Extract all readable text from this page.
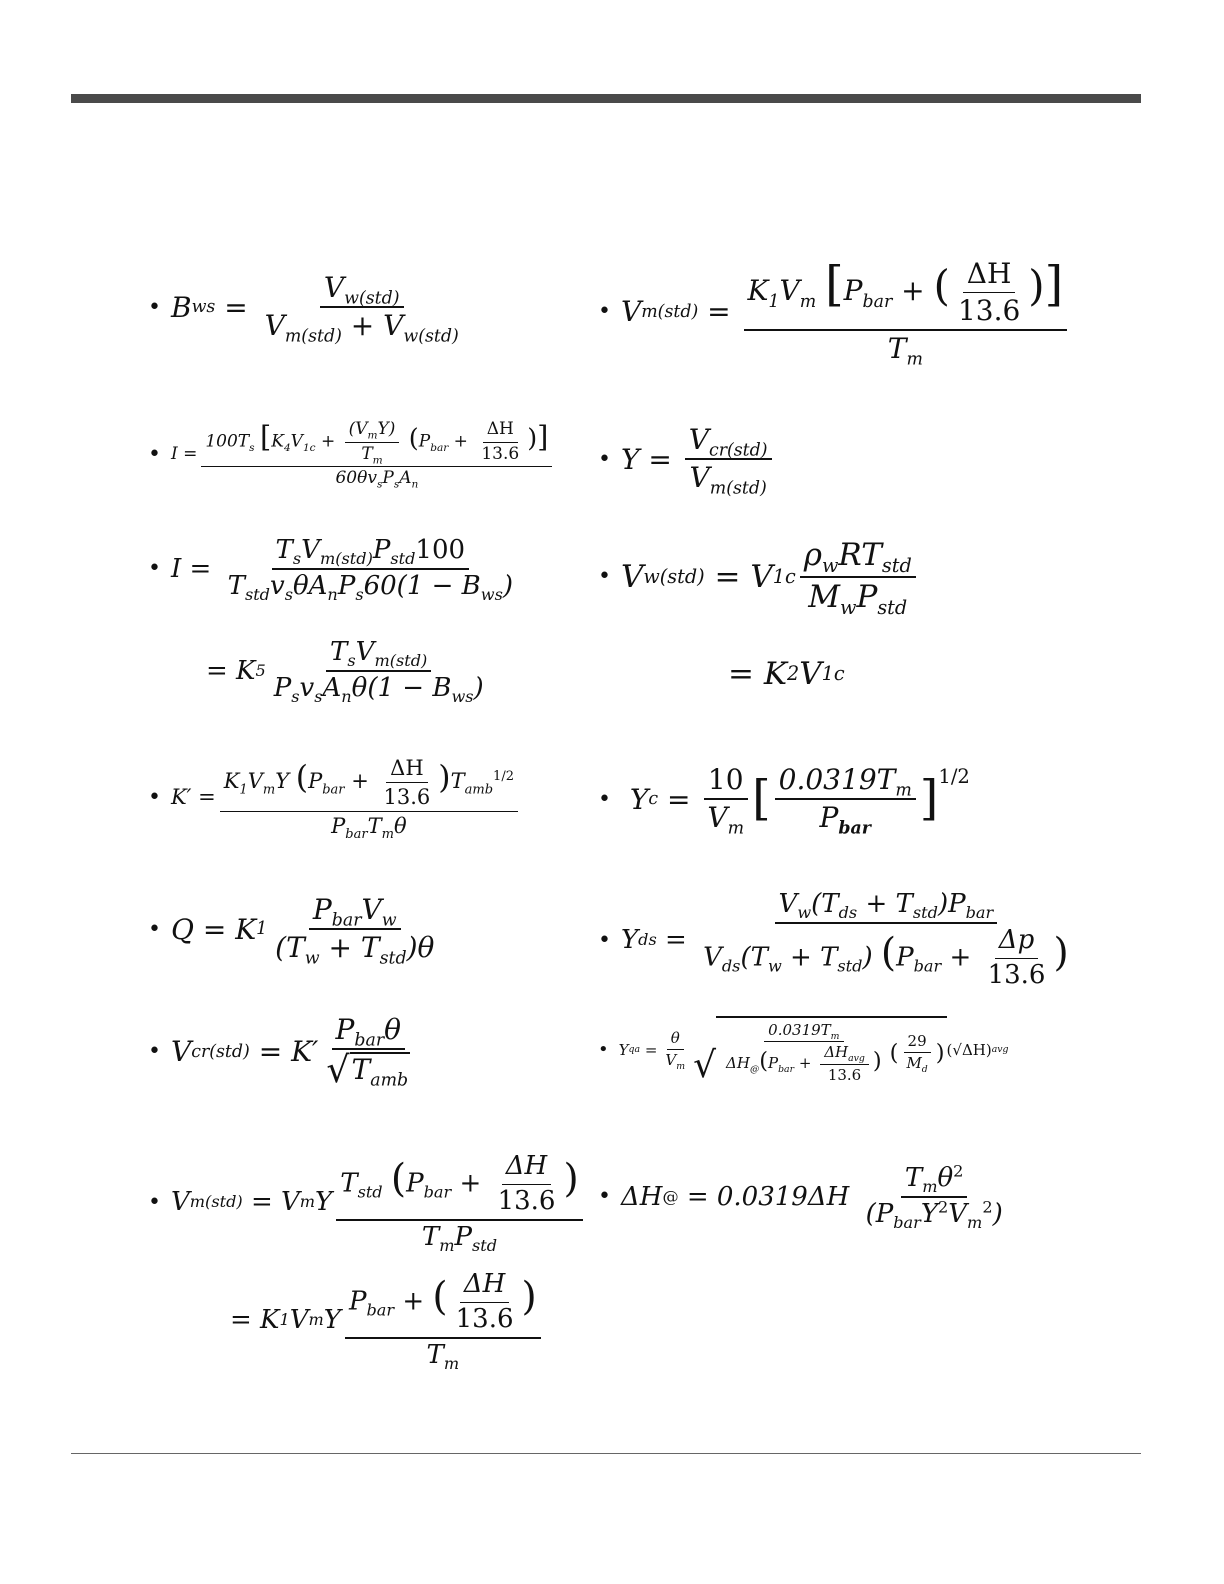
• B ws =
$V_{w(std)}$
$V_{m(std)} + V_{w(std)}$
• V m(std) =
$K_1V_m$ [$P_{bar}$ + ( $\frac{\Delta H}{13.6}$ )]
$T_m$
• I =
$100T_s$ [$K_4V_{1c}$ +
$(V_mY)$
$T_m$
($P_{bar} + \frac{\Delta H}{13.6}$ )]
$60\theta v_sP_sA_n$
• Y =
$V_{cr(std)}$
$V_{m(std)}$
• I =
$T_sV_{m(std)}P_{std}100$
$T_{std}v_s\theta A_nP_s60(1 - B_{ws})$
= K 5
$T_sV_{m(std)}$
$P_sv_sA_n\theta(1 - B_{ws})$
• V w(std)
= V 1c
$\rho_wRT_{std}$
$M_wP_{std}$
= K 2 V 1c
• K′ =
$K_1V_mY$ $(P_{bar} + \frac{\Delta H}{13.6} )T_{amb}^{1/2}$
$P_{bar}T_m\theta$
•
Y $c = \frac{10}{V_m}$ [ $0.0319T_m$
$P_{bar}$
]$^{1/2}$
• Q = K 1
$P_{bar}V_w$
$(T_w + T_{std})\theta$	• Y ds =
$V_w(T_{ds} + T_{std})P_{bar}$
$V_{ds}(T_w + T_{std}) (P_{bar} + \frac{\Delta p}{13.6}$ )
• V cr(std)
= K′
$P_{bar}\theta$
√ $T_{amb}$
• Y qa
= $\frac{\theta}{V_m}$ √
$0.0319T_m$
$\Delta H_@(P_{bar}$ +
$\Delta H_{avg}$
13.6
) ( 29
$M_d$
) (√ΔH) avg
• V m(std)
= V m Y
$T_{std}$ ($P_{bar} + \frac{\Delta H}{13.6}$ )
$T_mP_{std}$
= K 1 V m Y
$P_{bar}$ + ( $\frac{\Delta H}{13.6}$ )
$T_m$
• ΔH @
= 0.0319ΔH

$T_m\theta^2$
$(P_{bar}Y^2V_m^2)$
